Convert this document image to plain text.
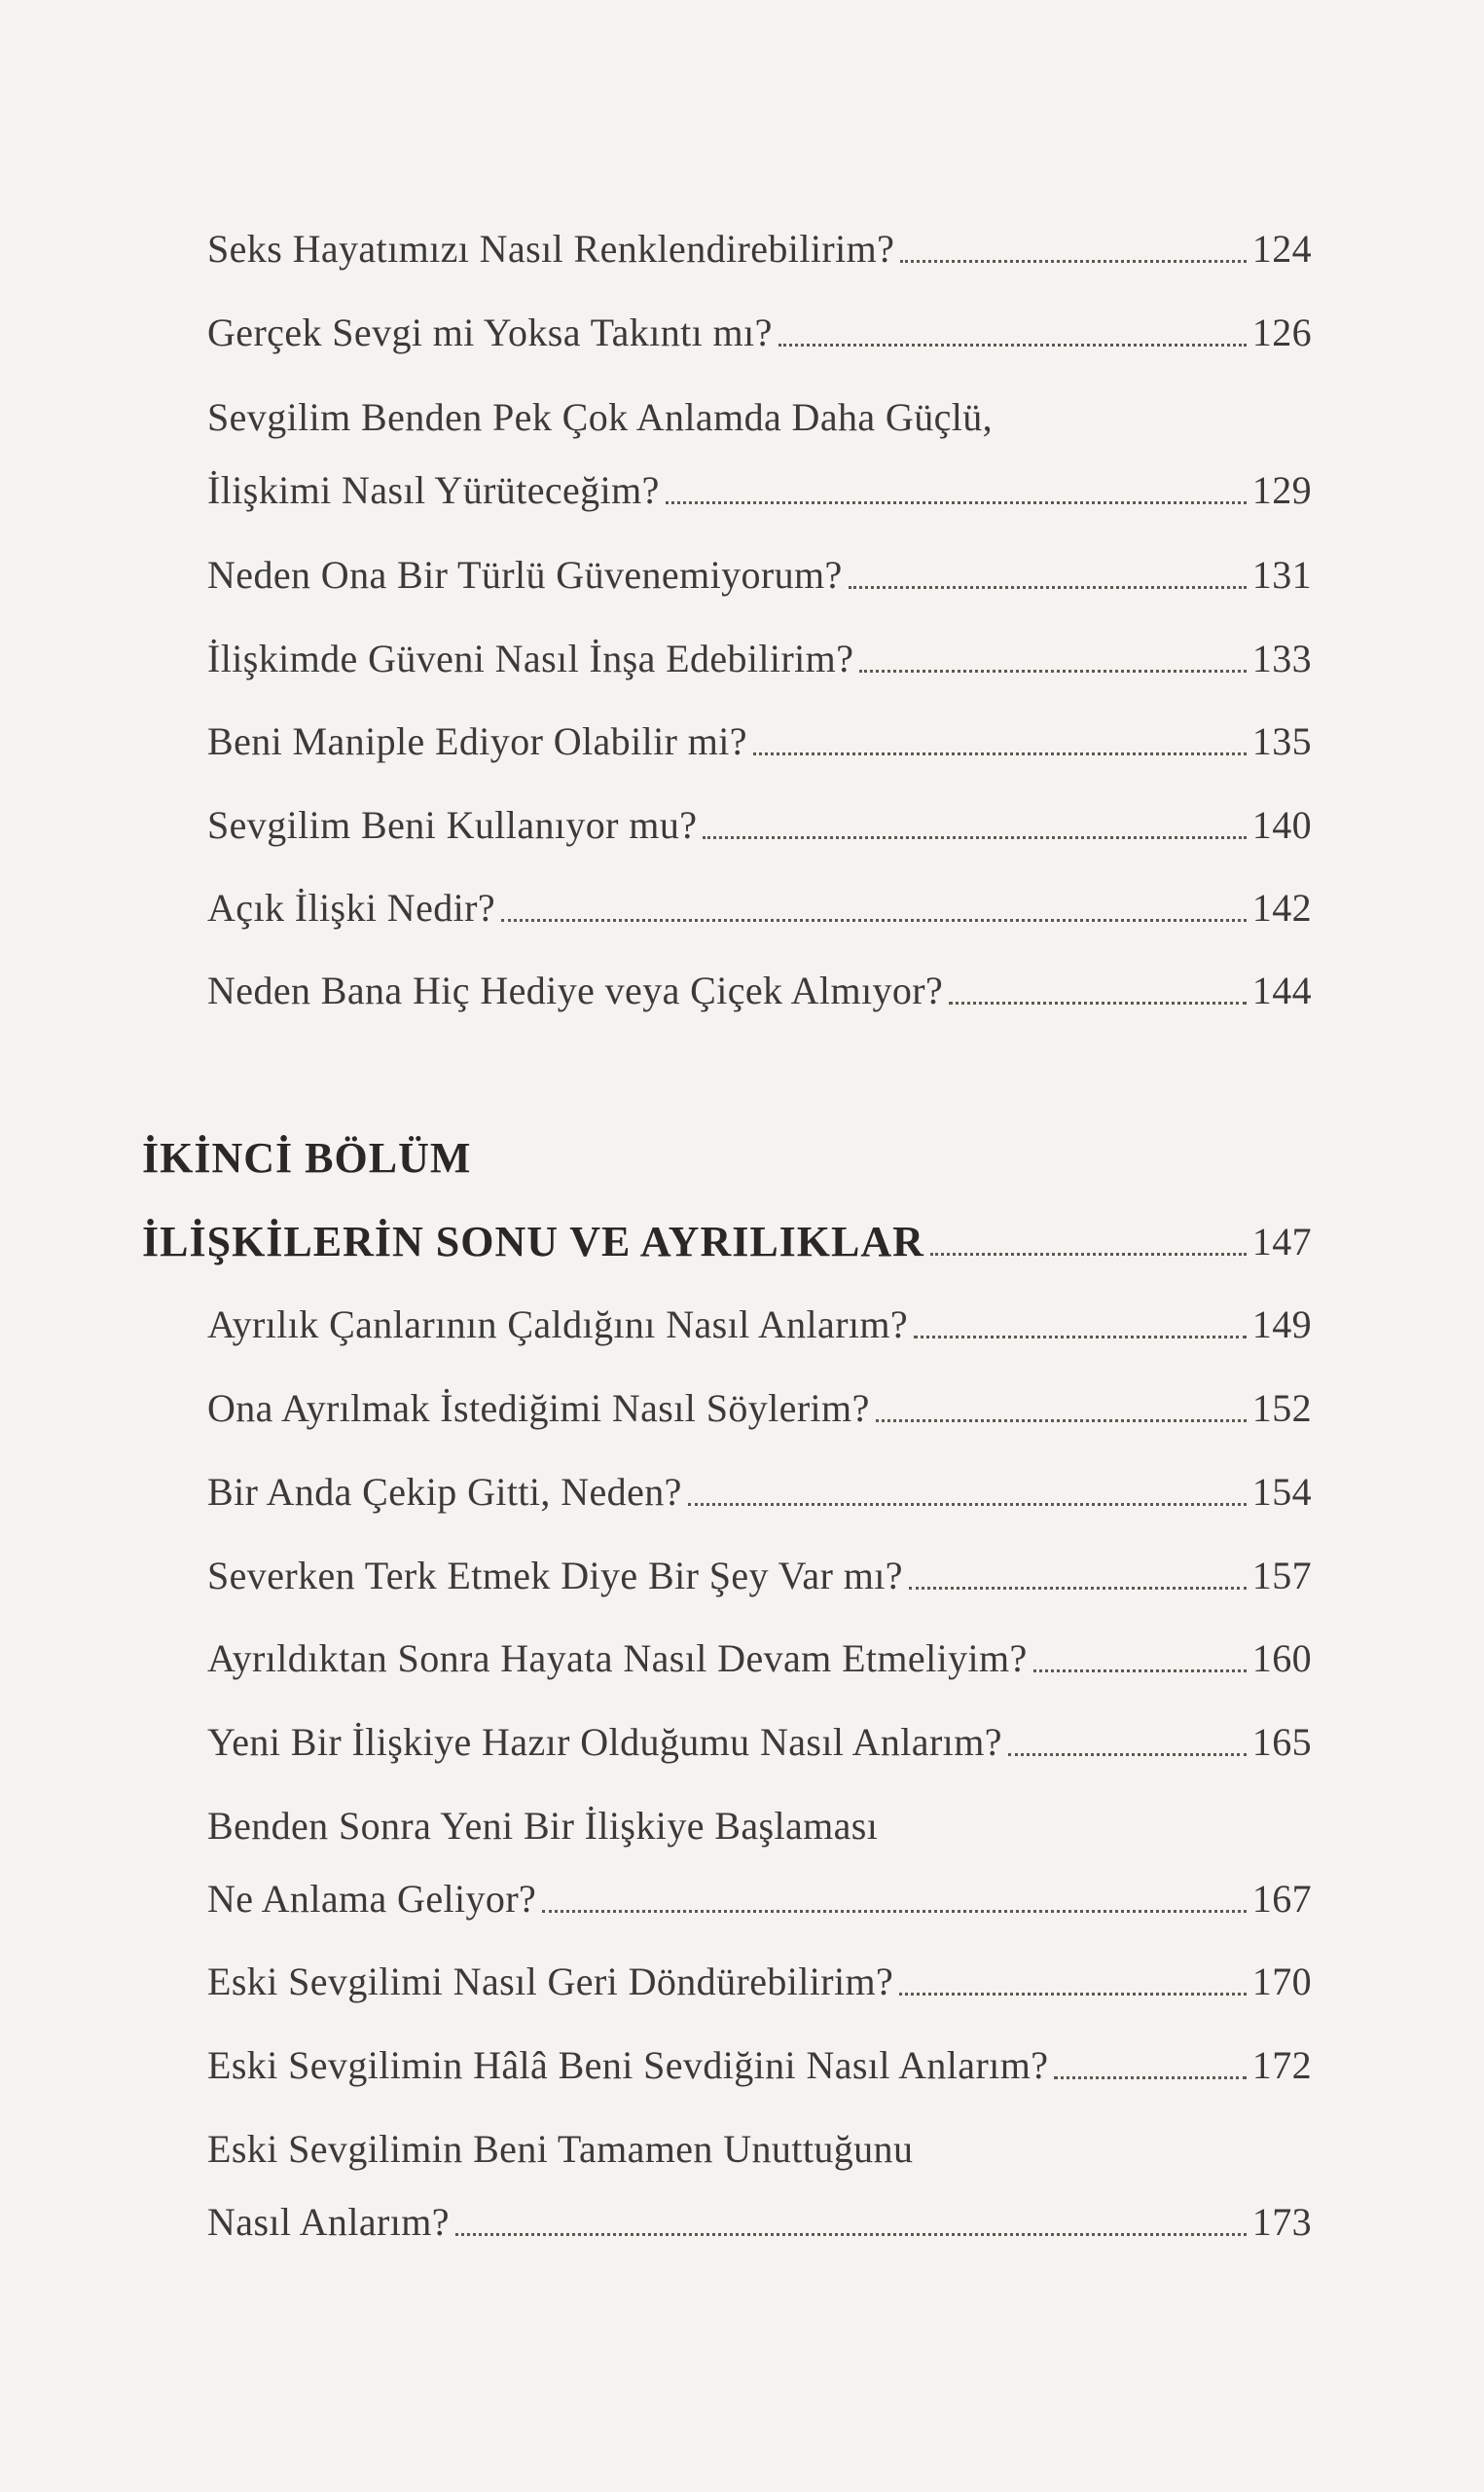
Seks Hayatımızı Nasıl Renklendirebilirim?	124
Gerçek Sevgi mi Yoksa Takıntı mı?	126
Sevgilim Benden Pek Çok Anlamda Daha Güçlü,
İlişkimi Nasıl Yürüteceğim?	129
Neden Ona Bir Türlü Güvenemiyorum?	131
İlişkimde Güveni Nasıl İnşa Edebilirim?	133
Beni Maniple Ediyor Olabilir mi?	135
Sevgilim Beni Kullanıyor mu?	140
Açık İlişki Nedir?	142
Neden Bana Hiç Hediye veya Çiçek Almıyor?	144
İKİNCİ BÖLÜM
İLİŞKİLERİN SONU VE AYRILIKLAR	147
Ayrılık Çanlarının Çaldığını Nasıl Anlarım?	149
Ona Ayrılmak İstediğimi Nasıl Söylerim?	152
Bir Anda Çekip Gitti, Neden?	154
Severken Terk Etmek Diye Bir Şey Var mı?	157
Ayrıldıktan Sonra Hayata Nasıl Devam Etmeliyim?	160
Yeni Bir İlişkiye Hazır Olduğumu Nasıl Anlarım?	165
Benden Sonra Yeni Bir İlişkiye Başlaması
Ne Anlama Geliyor?	167
Eski Sevgilimi Nasıl Geri Döndürebilirim?	170
Eski Sevgilimin Hâlâ Beni Sevdiğini Nasıl Anlarım?	172
Eski Sevgilimin Beni Tamamen Unuttuğunu
Nasıl Anlarım?	173
